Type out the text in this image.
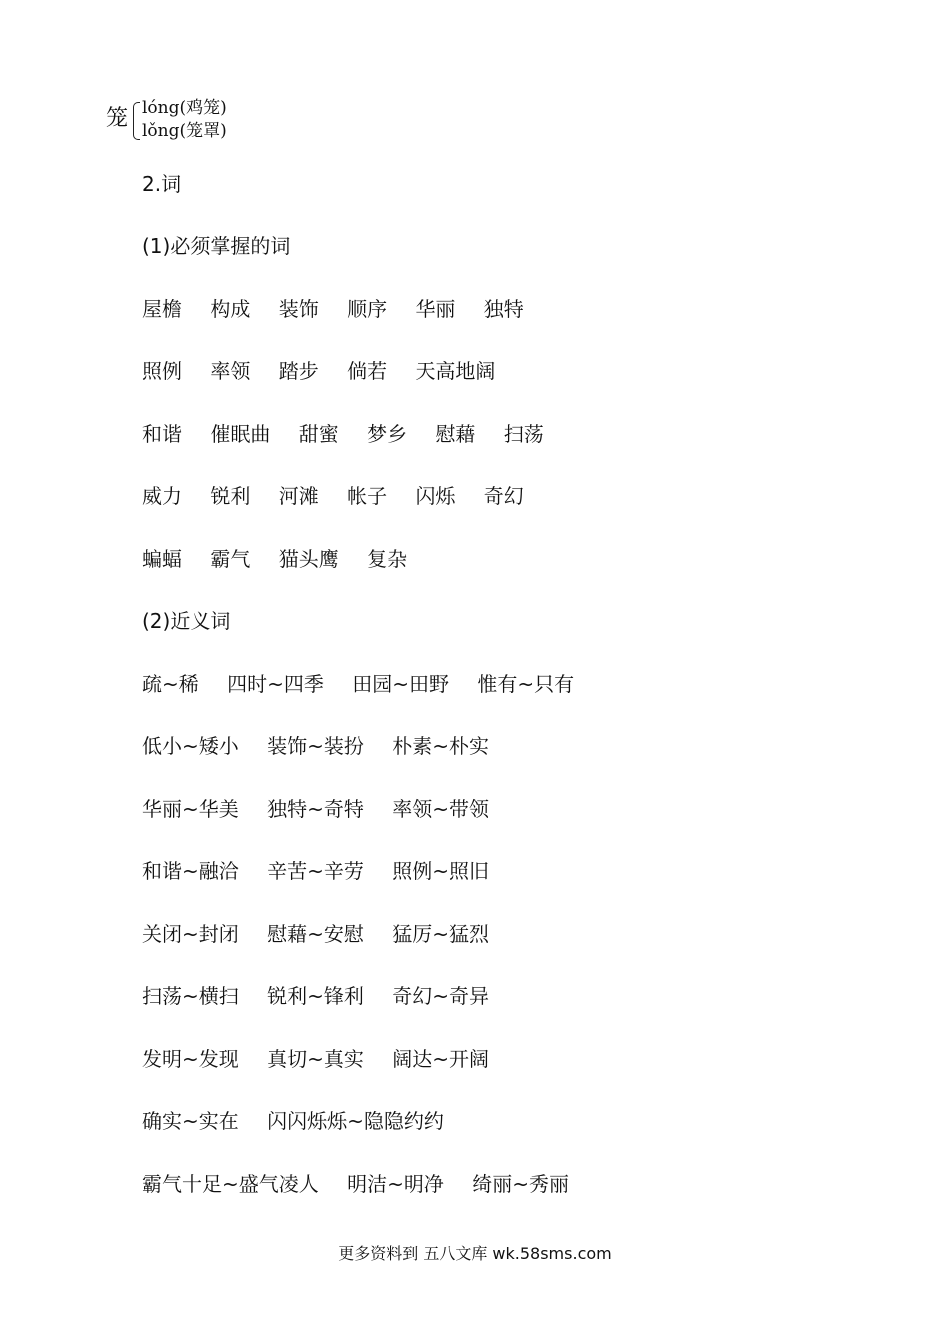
笼 lóng(鸡笼)
lǒng(笼罩)
2.词
(1)必须掌握的词
屋檐 构成 装饰 顺序 华丽 独特
照例 率领 踏步 倘若 天高地阔
和谐 催眠曲 甜蜜 梦乡 慰藉 扫荡
威力 锐利 河滩 帐子 闪烁 奇幻
蝙蝠 霸气 猫头鹰 复杂
(2)近义词
疏~稀 四时~四季 田园~田野 惟有~只有
低小~矮小 装饰~装扮 朴素~朴实
华丽~华美 独特~奇特 率领~带领
和谐~融洽 辛苦~辛劳 照例~照旧
关闭~封闭 慰藉~安慰 猛厉~猛烈
扫荡~横扫 锐利~锋利 奇幻~奇异
发明~发现 真切~真实 阔达~开阔
确实~实在 闪闪烁烁~隐隐约约
霸气十足~盛气凌人 明洁~明净 绮丽~秀丽
更多资料到 五八文库 wk.58sms.com
